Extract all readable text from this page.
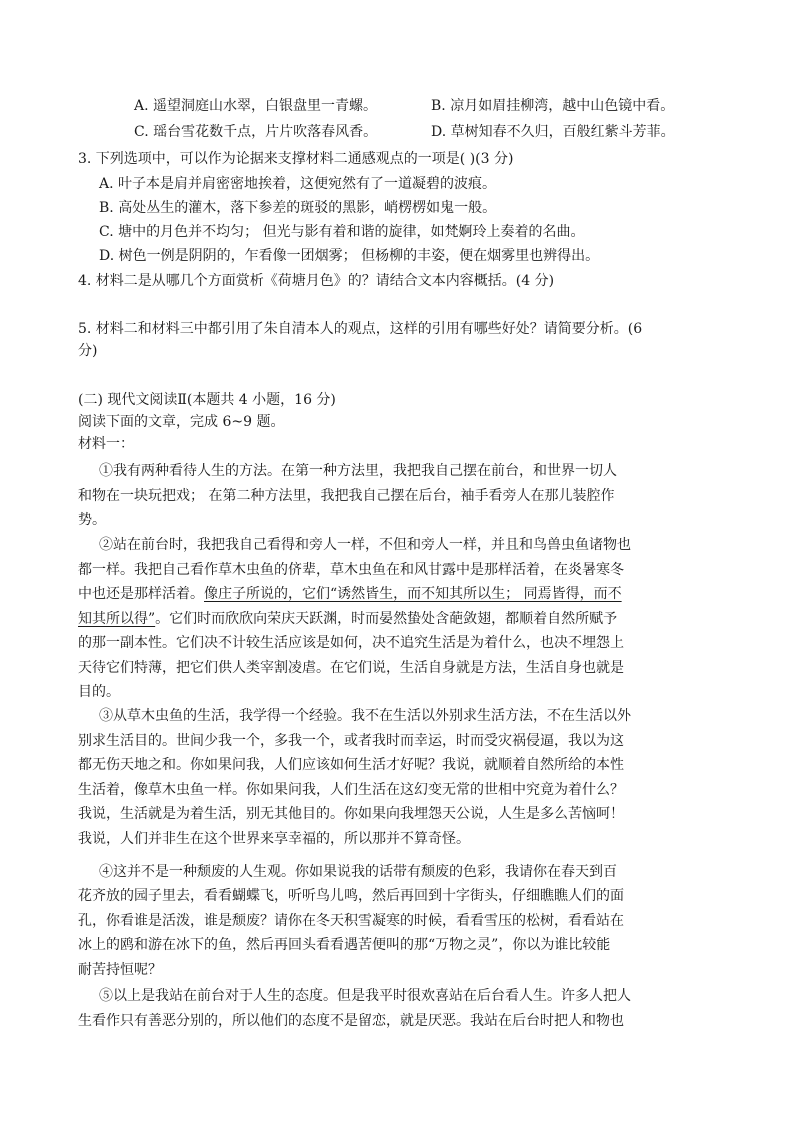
A. 遥望洞庭山水翠，白银盘里一青螺。	B. 凉月如眉挂柳湾，越中山色镜中看。
C. 瑶台雪花数千点，片片吹落春风香。	D. 草树知春不久归，百般红紫斗芳菲。
3. 下列选项中，可以作为论据来支撑材料二通感观点的一项是( )(3 分)
A. 叶子本是肩并肩密密地挨着，这便宛然有了一道凝碧的波痕。
B. 高处丛生的灌木，落下参差的斑驳的黑影，峭楞楞如鬼一般。
C. 塘中的月色并不均匀； 但光与影有着和谐的旋律，如梵婀玲上奏着的名曲。
D. 树色一例是阴阴的，乍看像一团烟雾； 但杨柳的丰姿，便在烟雾里也辨得出。
4. 材料二是从哪几个方面赏析《荷塘月色》的？请结合文本内容概括。(4 分)
5. 材料二和材料三中都引用了朱自清本人的观点，这样的引用有哪些好处？请简要分析。(6
分)
(二) 现代文阅读Ⅱ(本题共 4 小题，16 分)
阅读下面的文章，完成 6~9 题。
材料一：
①我有两种看待人生的方法。在第一种方法里，我把我自己摆在前台，和世界一切人
和物在一块玩把戏； 在第二种方法里，我把我自己摆在后台，袖手看旁人在那儿装腔作
势。
②站在前台时，我把我自己看得和旁人一样，不但和旁人一样，并且和鸟兽虫鱼诸物也
都一样。我把自己看作草木虫鱼的侪辈，草木虫鱼在和风甘露中是那样活着，在炎暑寒冬
中也还是那样活着。像庄子所说的，它们“诱然皆生，而不知其所以生； 同焉皆得，而不
知其所以得”。它们时而欣欣向荣庆天跃渊，时而晏然蛰处含葩敛翅，都顺着自然所赋予
的那一副本性。它们决不计较生活应该是如何，决不追究生活是为着什么，也决不埋怨上
天待它们特薄，把它们供人类宰割凌虐。在它们说，生活自身就是方法，生活自身也就是
目的。
③从草木虫鱼的生活，我学得一个经验。我不在生活以外别求生活方法，不在生活以外
别求生活目的。世间少我一个，多我一个，或者我时而幸运，时而受灾祸侵逼，我以为这
都无伤天地之和。你如果问我，人们应该如何生活才好呢？我说，就顺着自然所给的本性
生活着，像草木虫鱼一样。你如果问我，人们生活在这幻变无常的世相中究竟为着什么？
我说，生活就是为着生活，别无其他目的。你如果向我埋怨天公说，人生是多么苦恼呵！
我说，人们并非生在这个世界来享幸福的，所以那并不算奇怪。
④这并不是一种颓废的人生观。你如果说我的话带有颓废的色彩，我请你在春天到百
花齐放的园子里去，看看蝴蝶飞，听听鸟儿鸣，然后再回到十字街头，仔细瞧瞧人们的面
孔，你看谁是活泼，谁是颓废？请你在冬天积雪凝寒的时候，看看雪压的松树，看看站在
冰上的鸥和游在冰下的鱼，然后再回头看看遇苦便叫的那“万物之灵”，你以为谁比较能
耐苦持恒呢？
⑤以上是我站在前台对于人生的态度。但是我平时很欢喜站在后台看人生。许多人把人
生看作只有善恶分别的，所以他们的态度不是留恋，就是厌恶。我站在后台时把人和物也
